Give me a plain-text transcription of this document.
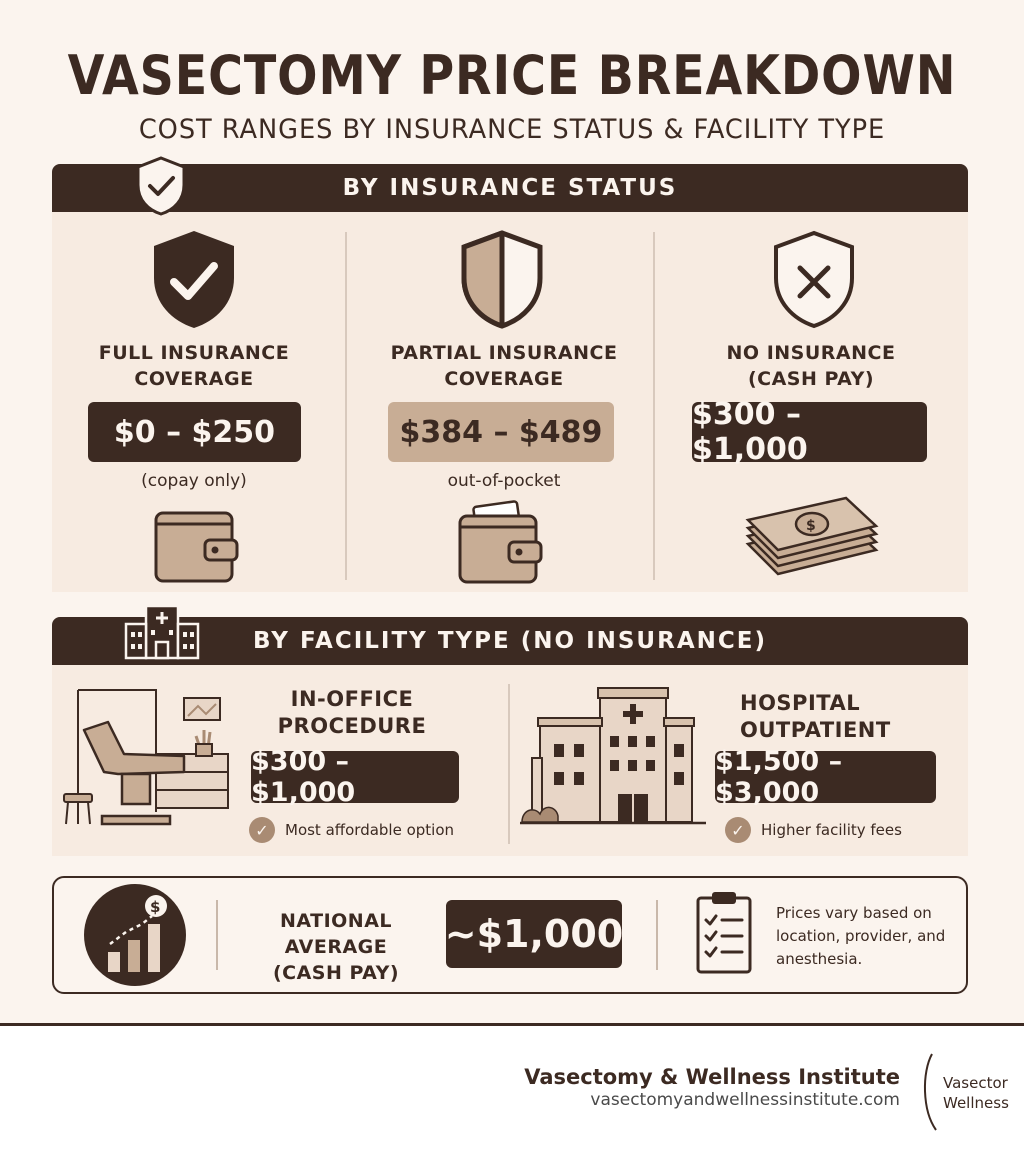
VASECTOMY PRICE BREAKDOWN
COST RANGES BY INSURANCE STATUS & FACILITY TYPE
BY INSURANCE STATUS
FULL INSURANCE
COVERAGE
$0 – $250
(copay only)
PARTIAL INSURANCE
COVERAGE
$384 – $489
out-of-pocket
NO INSURANCE
(CASH PAY)
$300 – $1,000
$
BY FACILITY TYPE (NO INSURANCE)
IN-OFFICE
PROCEDURE
$300 – $1,000
✓	Most affordable option
HOSPITAL
OUTPATIENT
$1,500 – $3,000
✓	Higher facility fees
$
NATIONAL AVERAGE
(CASH PAY)
~$1,000	Prices vary based on
location, provider, and
anesthesia.
Vasectomy & Wellness Institute
vasectomyandwellnessinstitute.com
Vasector
Wellness
